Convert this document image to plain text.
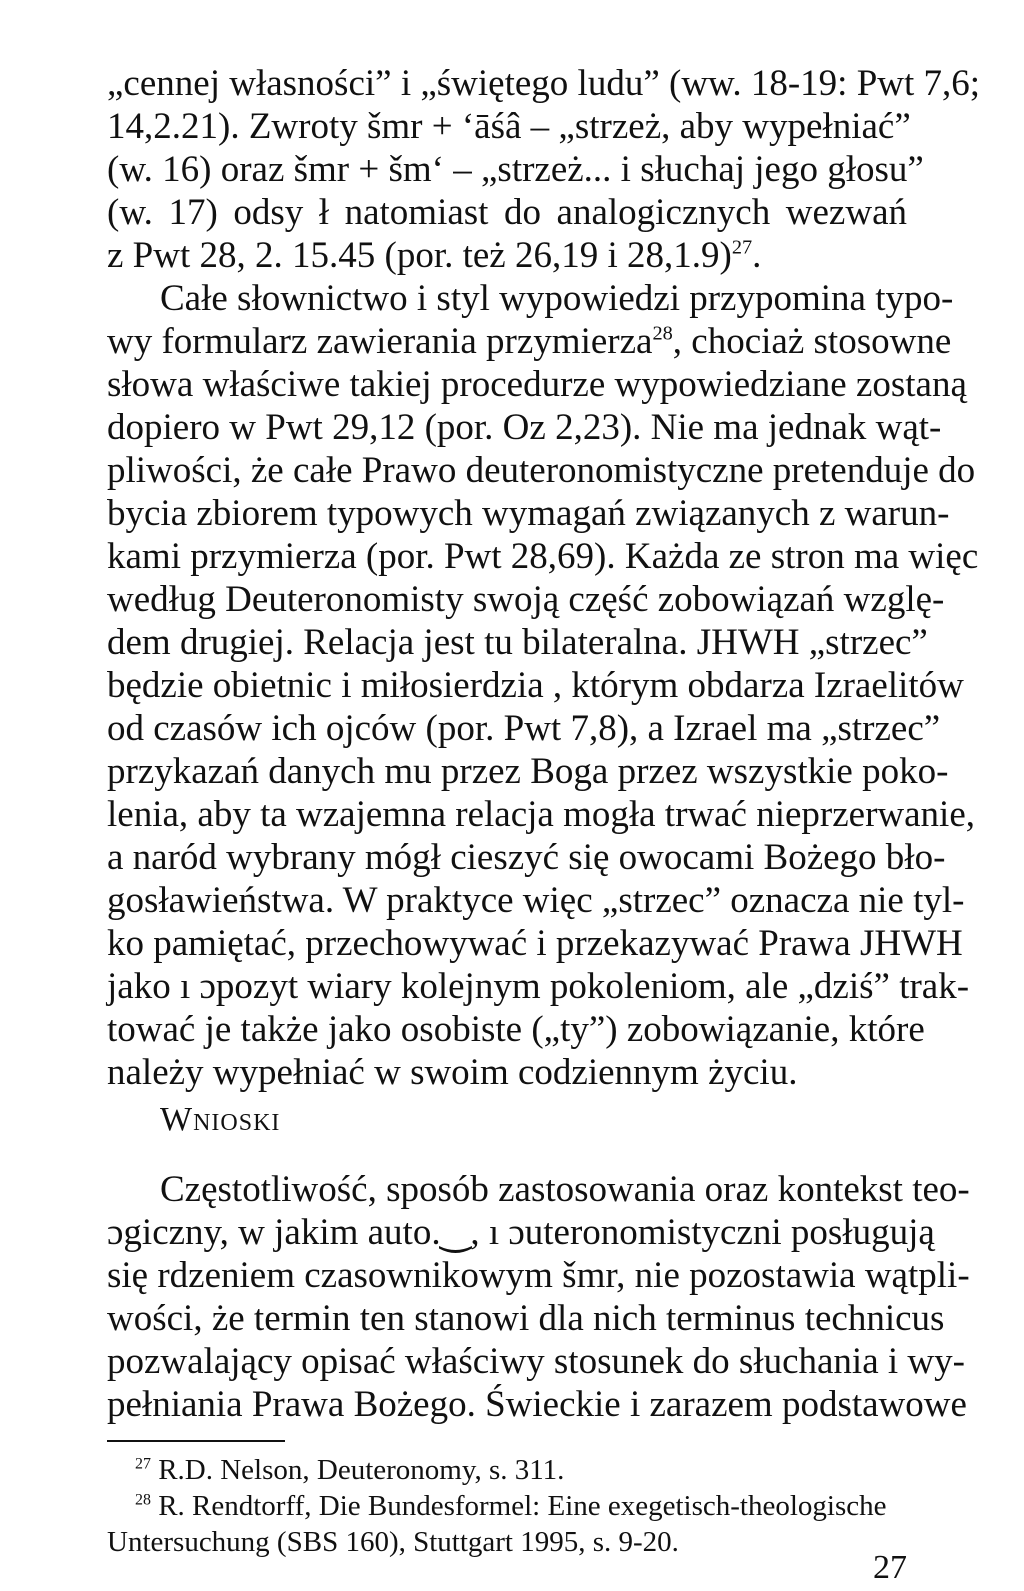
„cennej własności” i „świętego ludu” (ww. 18-19: Pwt 7,6;
14,2.21). Zwroty šmr + ‘āśâ – „strzeż, aby wypełniać”
(w. 16) oraz šmr + šm‘ – „strzeż... i słuchaj jego głosu”
(w. 17) odsy ł natomiast do analogicznych wezwań
z Pwt 28, 2. 15.45 (por. też 26,19 i 28,1.9)$^{27}$.
Całe słownictwo i styl wypowiedzi przypomina typo-
wy formularz zawierania przymierza$^{28}$, chociaż stosowne
słowa właściwe takiej procedurze wypowiedziane zostaną
dopiero w Pwt 29,12 (por. Oz 2,23). Nie ma jednak wąt-
pliwości, że całe Prawo deuteronomistyczne pretenduje do
bycia zbiorem typowych wymagań związanych z warun-
kami przymierza (por. Pwt 28,69). Każda ze stron ma więc
według Deuteronomisty swoją część zobowiązań wzglę-
dem drugiej. Relacja jest tu bilateralna. JHWH „strzec”
będzie obietnic i miłosierdzia , którym obdarza Izraelitów
od czasów ich ojców (por. Pwt 7,8), a Izrael ma „strzec”
przykazań danych mu przez Boga przez wszystkie poko-
lenia, aby ta wzajemna relacja mogła trwać nieprzerwanie,
a naród wybrany mógł cieszyć się owocami Bożego bło-
gosławieństwa. W praktyce więc „strzec” oznacza nie tyl-
ko pamiętać, przechowywać i przekazywać Prawa JHWH
jako ı ɔpozyt wiary kolejnym pokoleniom, ale „dziś” trak-
tować je także jako osobiste („ty”) zobowiązanie, które
należy wypełniać w swoim codziennym życiu.
Wnioski
Częstotliwość, sposób zastosowania oraz kontekst teo-
ɔgiczny, w jakim auto.‿, ı ɔuteronomistyczni posługują
się rdzeniem czasownikowym šmr, nie pozostawia wątpli-
wości, że termin ten stanowi dla nich terminus technicus
pozwalający opisać właściwy stosunek do słuchania i wy-
pełniania Prawa Bożego. Świeckie i zarazem podstawowe
$^{27}$ R.D. Nelson, Deuteronomy, s. 311.
$^{28}$ R. Rendtorff, Die Bundesformel: Eine exegetisch-theologische
Untersuchung (SBS 160), Stuttgart 1995, s. 9-20.
27
